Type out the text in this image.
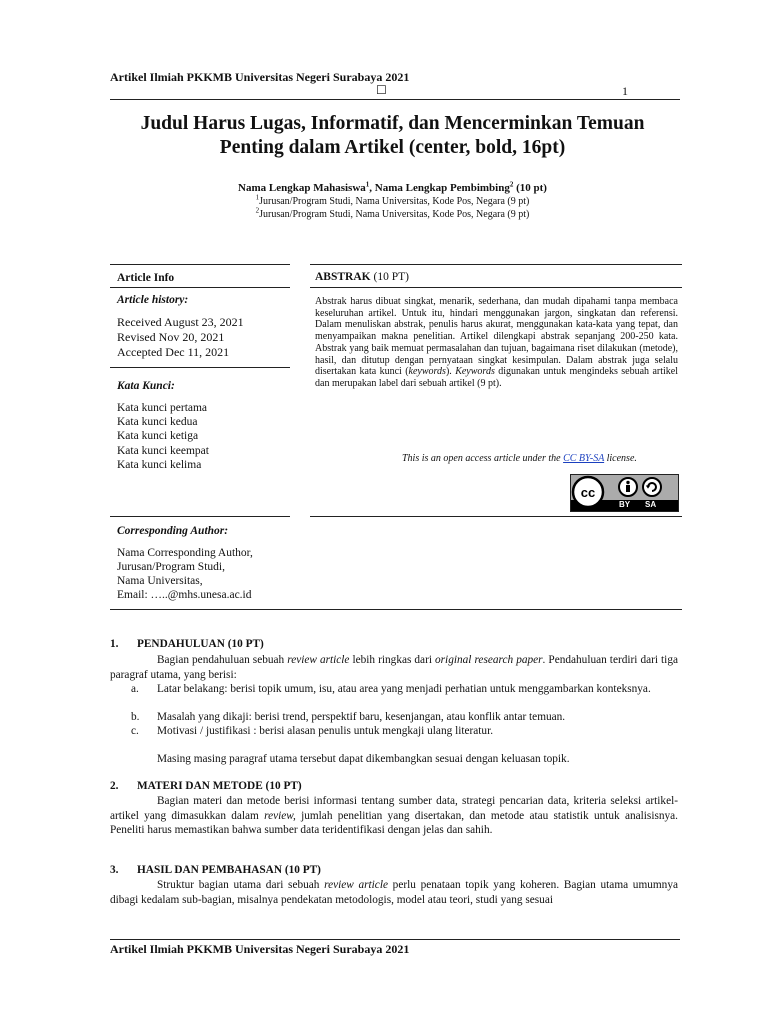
Artikel Ilmiah PKKMB Universitas Negeri Surabaya 2021
☐	1
Judul Harus Lugas, Informatif, dan Mencerminkan Temuan
Penting dalam Artikel (center, bold, 16pt)
Nama Lengkap Mahasiswa$^1$, Nama Lengkap Pembimbing$^2$ (10 pt)
$^1$Jurusan/Program Studi, Nama Universitas, Kode Pos, Negara (9 pt)
$^2$Jurusan/Program Studi, Nama Universitas, Kode Pos, Negara (9 pt)
Article Info
Article history:
Received August 23, 2021
Revised Nov 20, 2021
Accepted Dec 11, 2021
Kata Kunci:
Kata kunci pertama
Kata kunci kedua
Kata kunci ketiga
Kata kunci keempat
Kata kunci kelima
Corresponding Author:
Nama Corresponding Author,
Jurusan/Program Studi,
Nama Universitas,
Email: …..@mhs.unesa.ac.id
ABSTRAK (10 PT)
Abstrak harus dibuat singkat, menarik, sederhana, dan mudah dipahami tanpa membaca keseluruhan artikel. Untuk itu, hindari menggunakan jargon, singkatan dan referensi. Dalam menuliskan abstrak, penulis harus akurat, menggunakan kata-kata yang tepat, dan menyampaikan makna penelitian. Artikel dilengkapi abstrak sepanjang 200-250 kata. Abstrak yang baik memuat permasalahan dan tujuan, bagaimana riset dilakukan (metode), hasil, dan ditutup dengan pernyataan singkat kesimpulan. Dalam abstrak juga selalu disertakan kata kunci (keywords). Keywords digunakan untuk mengindeks sebuah artikel dan merupakan label dari sebuah artikel (9 pt).
This is an open access article under the CC BY-SA license.
cc
BY SA
1. PENDAHULUAN (10 PT)
Bagian pendahuluan sebuah review article lebih ringkas dari original research paper. Pendahuluan terdiri dari tiga paragraf utama, yang berisi:
a. Latar belakang: berisi topik umum, isu, atau area yang menjadi perhatian untuk menggambarkan konteksnya.
b. Masalah yang dikaji: berisi trend, perspektif baru, kesenjangan, atau konflik antar temuan.
c. Motivasi / justifikasi : berisi alasan penulis untuk mengkaji ulang literatur.
Masing masing paragraf utama tersebut dapat dikembangkan sesuai dengan keluasan topik.
2. MATERI DAN METODE (10 PT)
Bagian materi dan metode berisi informasi tentang sumber data, strategi pencarian data, kriteria seleksi artikel-artikel yang dimasukkan dalam review, jumlah penelitian yang disertakan, dan metode atau statistik untuk analisisnya. Peneliti harus memastikan bahwa sumber data teridentifikasi dengan jelas dan sahih.
3. HASIL DAN PEMBAHASAN (10 PT)
Struktur bagian utama dari sebuah review article perlu penataan topik yang koheren. Bagian utama umumnya dibagi kedalam sub-bagian, misalnya pendekatan metodologis, model atau teori, studi yang sesuai
Artikel Ilmiah PKKMB Universitas Negeri Surabaya 2021
